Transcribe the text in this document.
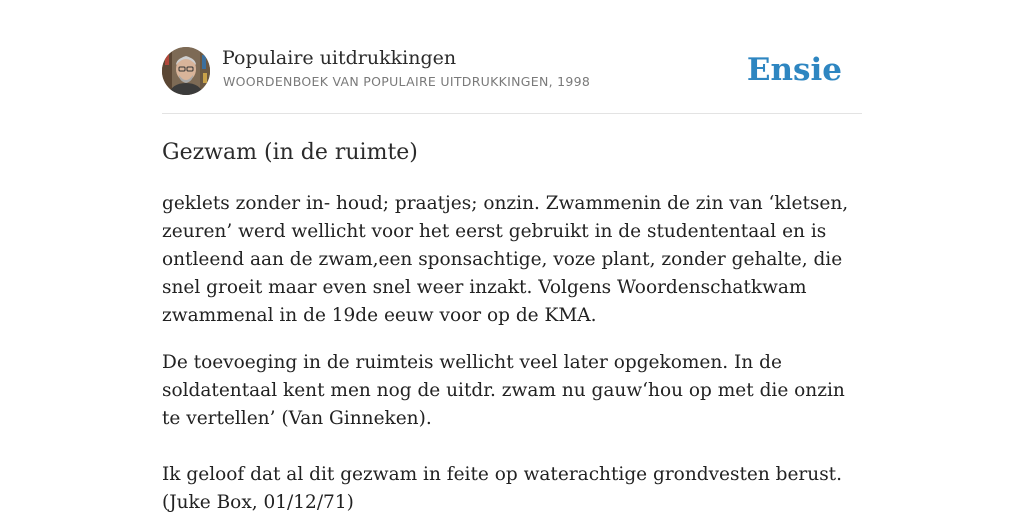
Populaire uitdrukkingen
WOORDENBOEK VAN POPULAIRE UITDRUKKINGEN, 1998	Ensie
Gezwam (in de ruimte)

geklets zonder in- houd; praatjes; onzin. Zwammenin de zin van ‘kletsen, zeuren’ werd wellicht voor het eerst gebruikt in de studententaal en is ontleend aan de zwam,een sponsachtige, voze plant, zonder gehalte, die snel groeit maar even snel weer inzakt. Volgens Woordenschatkwam zwammenal in de 19de eeuw voor op de KMA.

De toevoeging in de ruimteis wellicht veel later opgekomen. In de soldatentaal kent men nog de uitdr. zwam nu gauw‘hou op met die onzin te vertellen’ (Van Ginneken).

Ik geloof dat al dit gezwam in feite op waterachtige grondvesten berust. (Juke Box, 01/12/71)
